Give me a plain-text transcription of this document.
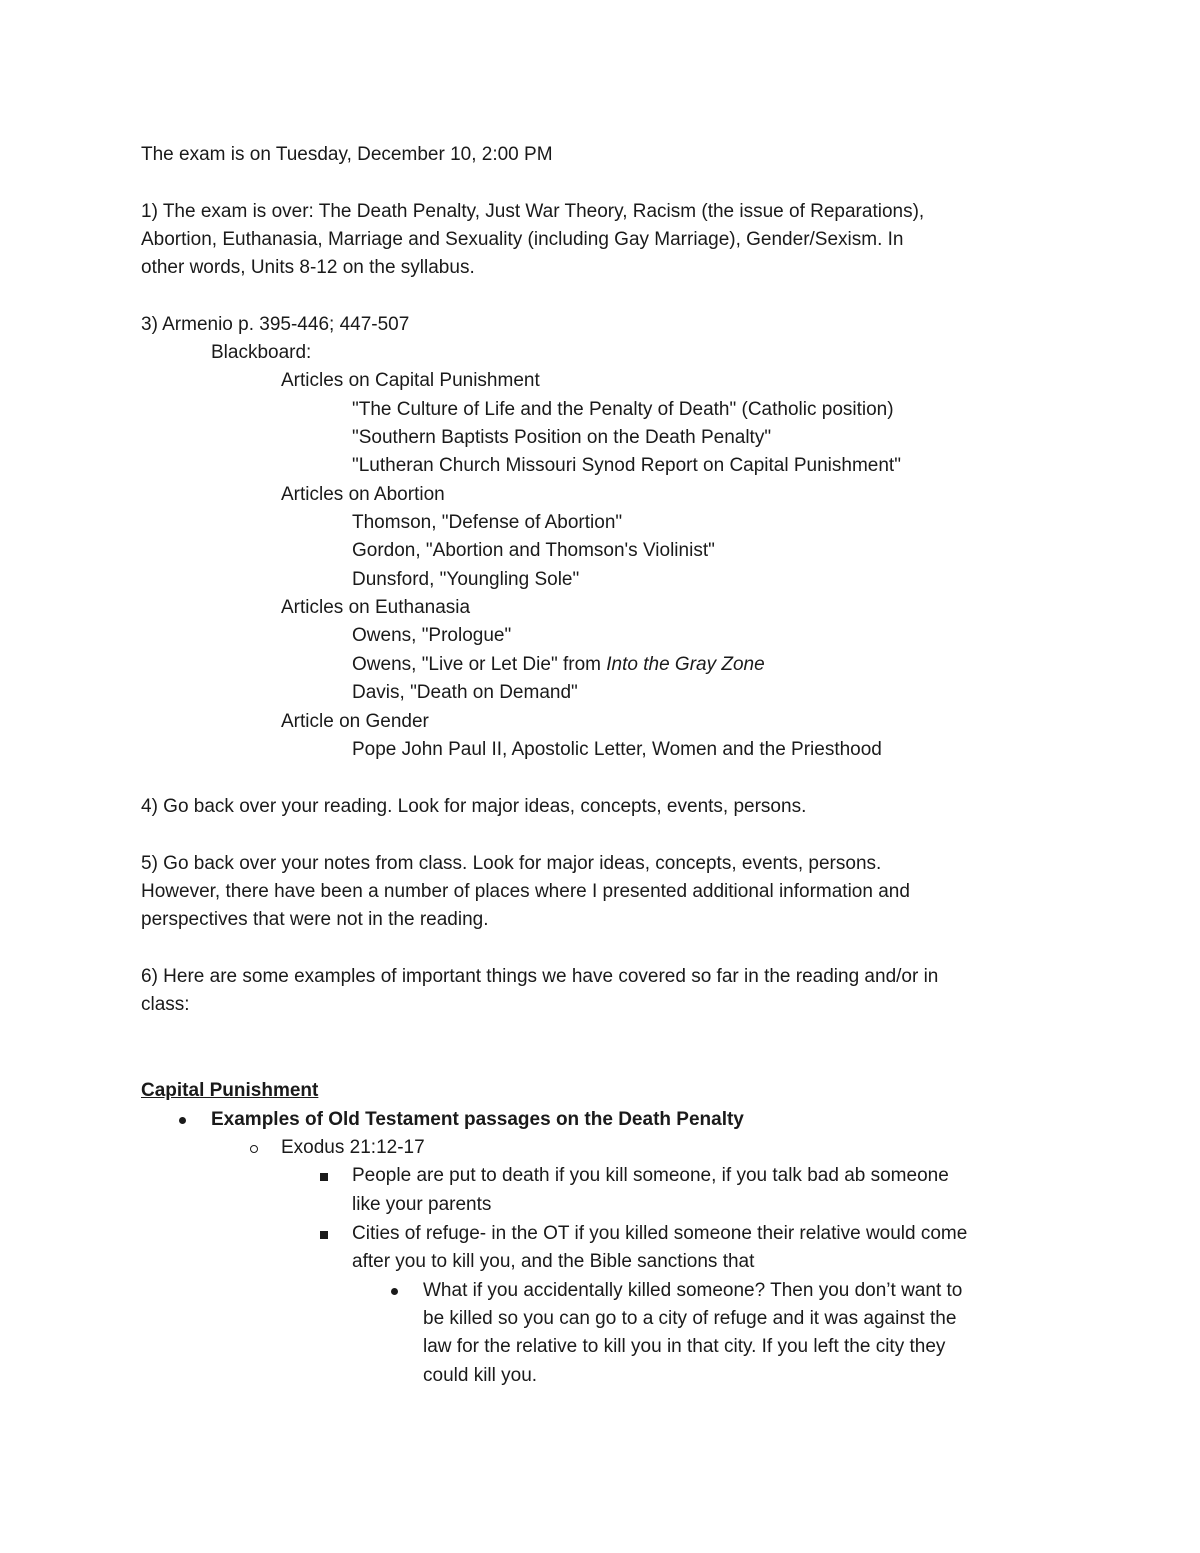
The exam is on Tuesday, December 10, 2:00 PM
1) The exam is over: The Death Penalty, Just War Theory, Racism (the issue of Reparations),
Abortion, Euthanasia, Marriage and Sexuality (including Gay Marriage), Gender/Sexism. In
other words, Units 8-12 on the syllabus.
3) Armenio p. 395-446; 447-507
Blackboard:
Articles on Capital Punishment
"The Culture of Life and the Penalty of Death" (Catholic position)
"Southern Baptists Position on the Death Penalty"
"Lutheran Church Missouri Synod Report on Capital Punishment"
Articles on Abortion
Thomson, "Defense of Abortion"
Gordon, "Abortion and Thomson's Violinist"
Dunsford, "Youngling Sole"
Articles on Euthanasia
Owens, "Prologue"
Owens, "Live or Let Die" from Into the Gray Zone
Davis, "Death on Demand"
Article on Gender
Pope John Paul II, Apostolic Letter, Women and the Priesthood
4) Go back over your reading. Look for major ideas, concepts, events, persons.
5) Go back over your notes from class. Look for major ideas, concepts, events, persons.
However, there have been a number of places where I presented additional information and
perspectives that were not in the reading.
6) Here are some examples of important things we have covered so far in the reading and/or in
class:
Capital Punishment
Examples of Old Testament passages on the Death Penalty
Exodus 21:12-17
People are put to death if you kill someone, if you talk bad ab someone
like your parents
Cities of refuge- in the OT if you killed someone their relative would come
after you to kill you, and the Bible sanctions that
What if you accidentally killed someone? Then you don’t want to
be killed so you can go to a city of refuge and it was against the
law for the relative to kill you in that city. If you left the city they
could kill you.
